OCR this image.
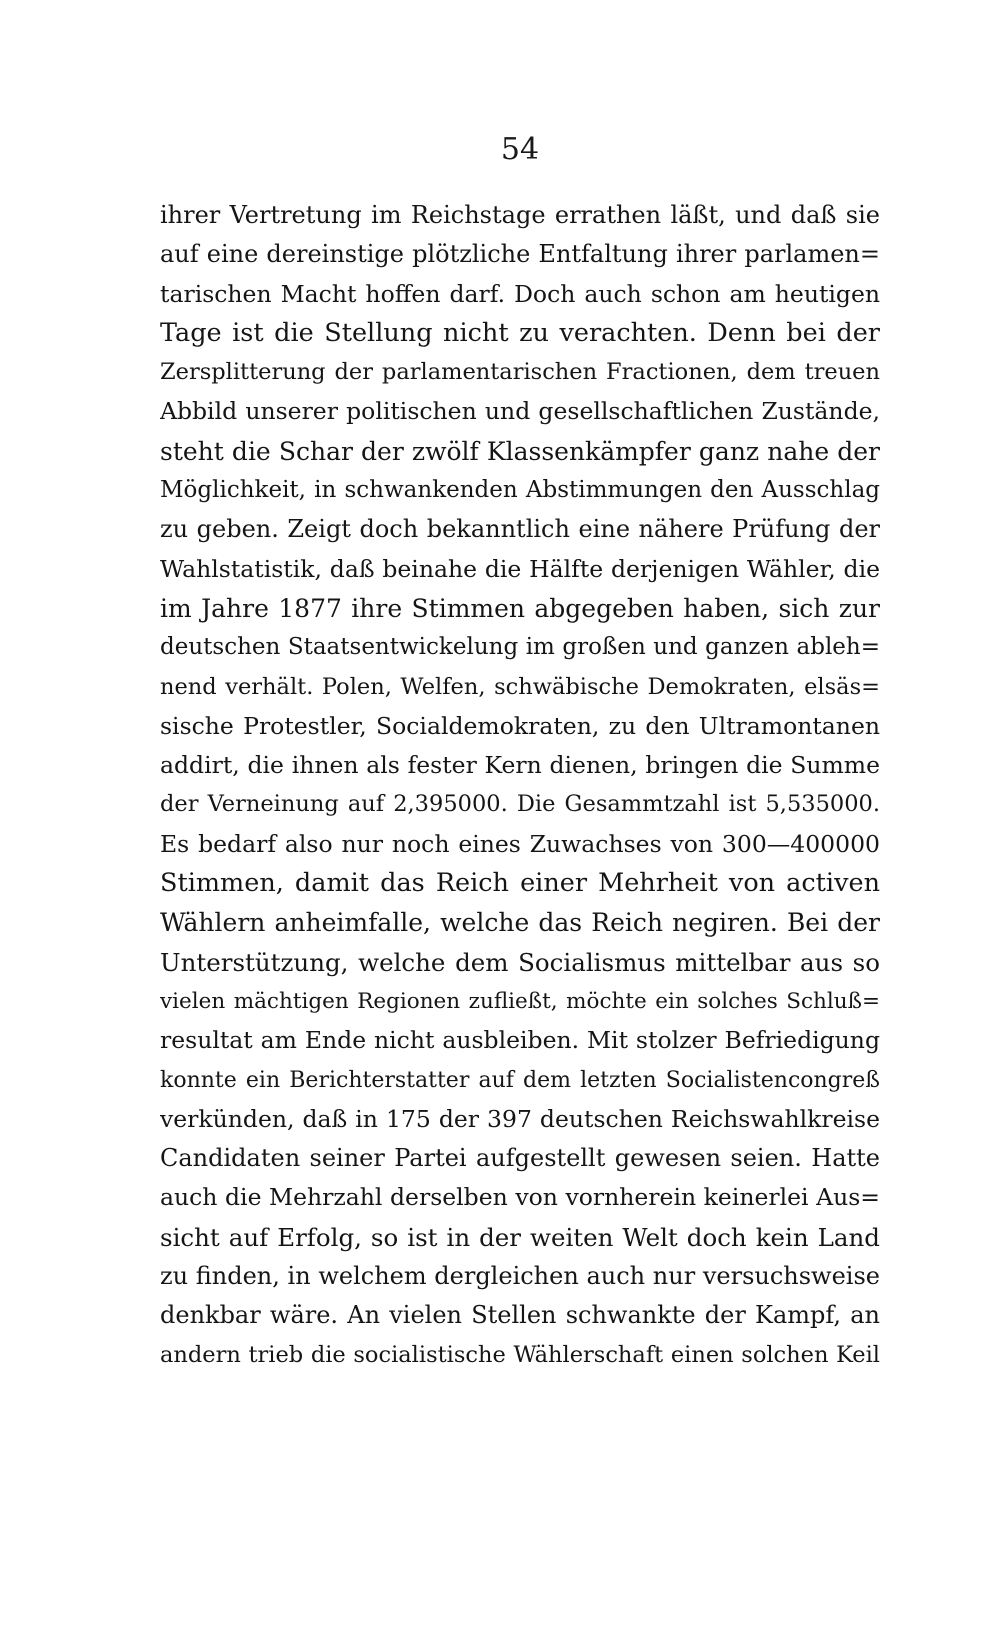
54
ihrer Vertretung im Reichstage errathen läßt, und daß sie
auf eine dereinstige plötzliche Entfaltung ihrer parlamen=
tarischen Macht hoffen darf. Doch auch schon am heutigen
Tage ist die Stellung nicht zu verachten. Denn bei der
Zersplitterung der parlamentarischen Fractionen, dem treuen
Abbild unserer politischen und gesellschaftlichen Zustände,
steht die Schar der zwölf Klassenkämpfer ganz nahe der
Möglichkeit, in schwankenden Abstimmungen den Ausschlag
zu geben. Zeigt doch bekanntlich eine nähere Prüfung der
Wahlstatistik, daß beinahe die Hälfte derjenigen Wähler, die
im Jahre 1877 ihre Stimmen abgegeben haben, sich zur
deutschen Staatsentwickelung im großen und ganzen ableh=
nend verhält. Polen, Welfen, schwäbische Demokraten, elsäs=
sische Protestler, Socialdemokraten, zu den Ultramontanen
addirt, die ihnen als fester Kern dienen, bringen die Summe
der Verneinung auf 2,395000. Die Gesammtzahl ist 5,535000.
Es bedarf also nur noch eines Zuwachses von 300—400000
Stimmen, damit das Reich einer Mehrheit von activen
Wählern anheimfalle, welche das Reich negiren. Bei der
Unterstützung, welche dem Socialismus mittelbar aus so
vielen mächtigen Regionen zufließt, möchte ein solches Schluß=
resultat am Ende nicht ausbleiben. Mit stolzer Befriedigung
konnte ein Berichterstatter auf dem letzten Socialistencongreß
verkünden, daß in 175 der 397 deutschen Reichswahlkreise
Candidaten seiner Partei aufgestellt gewesen seien. Hatte
auch die Mehrzahl derselben von vornherein keinerlei Aus=
sicht auf Erfolg, so ist in der weiten Welt doch kein Land
zu finden, in welchem dergleichen auch nur versuchsweise
denkbar wäre. An vielen Stellen schwankte der Kampf, an
andern trieb die socialistische Wählerschaft einen solchen Keil
